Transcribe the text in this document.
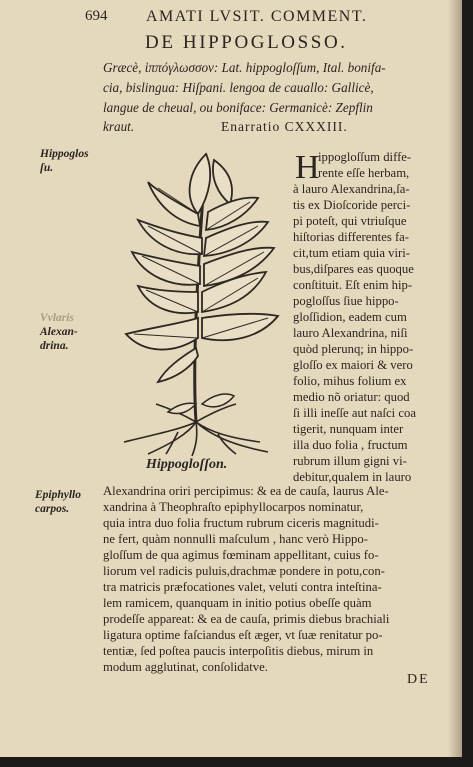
694 AMATI LVSIT. COMMENT.
DE HIPPOGLOSSO.
Græcè, ἱππόγλωσσον: Lat. hippogloſſum, Ital. bonifa-
cia, bislingua: Hiſpani. lengoa de cauallo: Gallicè,
langue de cheual, ou boniface: Germanicè: Zepflin
kraut.	Enarratio CXXXIII.
Hippoglos
ſu.
Vvlaris
Alexan-
drina.
Epiphyllo
carpos.
Hippogloſſon.
H
ippogloſſum diffe-
rente eſſe herbam,
à lauro Alexandrina,ſa-
tis ex Dioſcoride perci-
pi poteſt, qui vtriuſque
hiſtorias differentes fa-
cit,tum etiam quia viri-
bus,diſpares eas quoque
conſtituit. Eſt enim hip-
pogloſſus ſiue hippo-
gloſſidion, eadem cum
lauro Alexandrina, niſi
quòd plerunq; in hippo-
gloſſo ex maiori & vero
folio, mihus folium ex
medio nõ oriatur: quod
ſi illi ineſſe aut naſci coa
tigerit, nunquam inter
illa duo folia , fructum
rubrum illum gigni vi-
debitur,qualem in lauro
Alexandrina oriri percipimus: & ea de cauſa, laurus Ale-
xandrina à Theophraſto epiphyllocarpos nominatur,
quia intra duo folia fructum rubrum ciceris magnitudi-
ne fert, quàm nonnulli maſculum , hanc verò Hippo-
gloſſum de qua agimus fœminam appellitant, cuius fo-
liorum vel radicis puluis,drachmæ pondere in potu,con-
tra matricis præfocationes valet, veluti contra inteſtina-
lem ramicem, quanquam in initio potius obeſſe quàm
prodeſſe appareat: & ea de cauſa, primis diebus brachiali
ligatura optime faſciandus eſt æger, vt ſuæ renitatur po-
tentiæ, ſed poſtea paucis interpoſitis diebus, mirum in
modum agglutinat, conſolidatve.
DE
